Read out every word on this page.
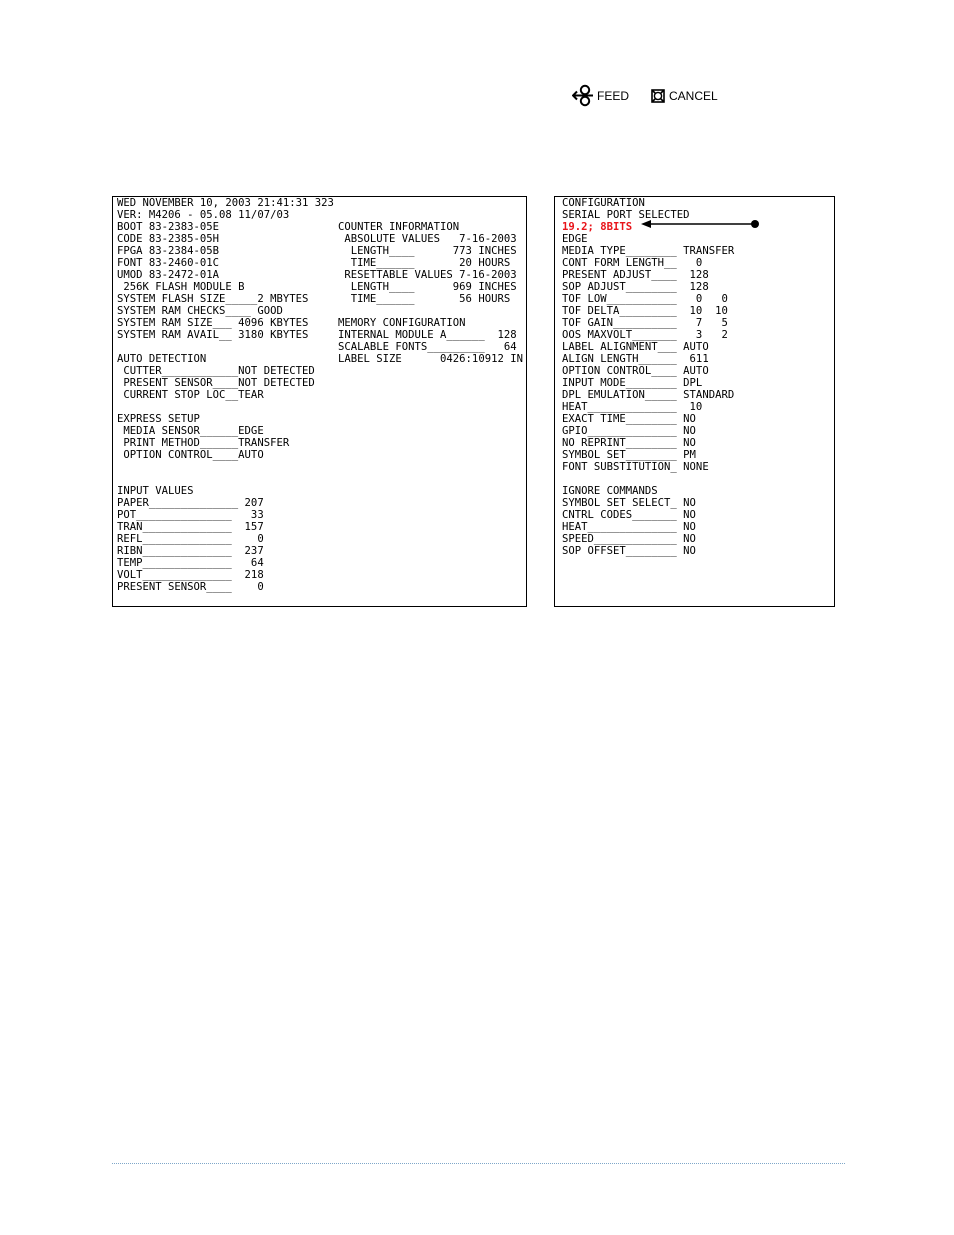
FEED	CANCEL
WED NOVEMBER 10, 2003 21:41:31 323
VER: M4206 - 05.08 11/07/03
BOOT 83-2383-05E
CODE 83-2385-05H
FPGA 83-2384-05B
FONT 83-2460-01C
UMOD 83-2472-01A
256K FLASH MODULE B
SYSTEM FLASH SIZE_____2 MBYTES
SYSTEM RAM CHECKS____ GOOD
SYSTEM RAM SIZE___ 4096 KBYTES
SYSTEM RAM AVAIL__ 3180 KBYTES
AUTO DETECTION
CUTTER____________NOT DETECTED
PRESENT SENSOR____NOT DETECTED
CURRENT STOP LOC__TEAR
EXPRESS SETUP
MEDIA SENSOR______EDGE
PRINT METHOD______TRANSFER
OPTION CONTROL____AUTO
INPUT VALUES
PAPER______________ 207
POT_______________   33
TRAN______________  157
REFL______________    0
RIBN______________  237
TEMP______________   64
VOLT______________  218
PRESENT SENSOR____    0
COUNTER INFORMATION
ABSOLUTE VALUES   7-16-2003
LENGTH____      773 INCHES
TIME______       20 HOURS
RESETTABLE VALUES 7-16-2003
LENGTH____      969 INCHES
TIME______       56 HOURS
MEMORY CONFIGURATION
INTERNAL MODULE A______  128
SCALABLE FONTS_________   64
LABEL SIZE      0426:10912 IN
CONFIGURATION
SERIAL PORT SELECTED
19.2; 8BITS
EDGE
MEDIA TYPE________ TRANSFER
CONT FORM LENGTH__   0
PRESENT ADJUST____  128
SOP ADJUST________  128
TOF LOW___________   0   0
TOF DELTA_________  10  10
TOF GAIN__________   7   5
OOS MAXVOLT_______   3   2
LABEL ALIGNMENT___ AUTO
ALIGN LENGTH______  611
OPTION CONTROL____ AUTO
INPUT MODE________ DPL
DPL EMULATION_____ STANDARD
HEAT______________  10
EXACT TIME________ NO
GPIO______________ NO
NO REPRINT________ NO
SYMBOL SET________ PM
FONT SUBSTITUTION_ NONE
IGNORE COMMANDS
SYMBOL SET SELECT_ NO
CNTRL CODES_______ NO
HEAT______________ NO
SPEED_____________ NO
SOP OFFSET________ NO
